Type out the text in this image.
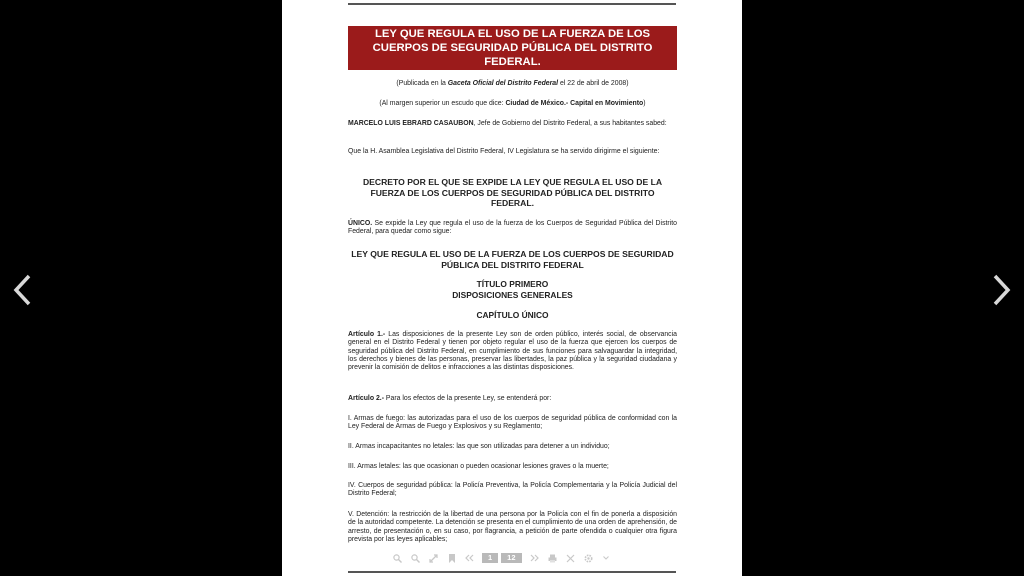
LEY QUE REGULA EL USO DE LA FUERZA DE LOS CUERPOS DE SEGURIDAD PÚBLICA DEL DISTRITO FEDERAL.
(Publicada en la Gaceta Oficial del Distrito Federal el 22 de abril de 2008)
(Al margen superior un escudo que dice: Ciudad de México.- Capital en Movimiento)
MARCELO LUIS EBRARD CASAUBON, Jefe de Gobierno del Distrito Federal, a sus habitantes sabed:
Que la H. Asamblea Legislativa del Distrito Federal, IV Legislatura se ha servido dirigirme el siguiente:
DECRETO POR EL QUE SE EXPIDE LA LEY QUE REGULA EL USO DE LA FUERZA DE LOS CUERPOS DE SEGURIDAD PÚBLICA DEL DISTRITO FEDERAL.
ÚNICO. Se expide la Ley que regula el uso de la fuerza de los Cuerpos de Seguridad Pública del Distrito Federal, para quedar como sigue:
LEY QUE REGULA EL USO DE LA FUERZA DE LOS CUERPOS DE SEGURIDAD PÚBLICA DEL DISTRITO FEDERAL
TÍTULO PRIMERO
DISPOSICIONES GENERALES
CAPÍTULO ÚNICO
Artículo 1.- Las disposiciones de la presente Ley son de orden público, interés social, de observancia general en el Distrito Federal y tienen por objeto regular el uso de la fuerza que ejercen los cuerpos de seguridad pública del Distrito Federal, en cumplimiento de sus funciones para salvaguardar la integridad, los derechos y bienes de las personas, preservar las libertades, la paz pública y la seguridad ciudadana y prevenir la comisión de delitos e infracciones a las distintas disposiciones.
Artículo 2.- Para los efectos de la presente Ley, se entenderá por:
I. Armas de fuego: las autorizadas para el uso de los cuerpos de seguridad pública de conformidad con la Ley Federal de Armas de Fuego y Explosivos y su Reglamento;
II. Armas incapacitantes no letales: las que son utilizadas para detener a un individuo;
III. Armas letales: las que ocasionan o pueden ocasionar lesiones graves o la muerte;
IV. Cuerpos de seguridad pública: la Policía Preventiva, la Policía Complementaria y la Policía Judicial del Distrito Federal;
V. Detención: la restricción de la libertad de una persona por la Policía con el fin de ponerla a disposición de la autoridad competente. La detención se presenta en el cumplimiento de una orden de aprehensión, de arresto, de presentación o, en su caso, por flagrancia, a petición de parte ofendida o cualquier otra figura prevista por las leyes aplicables;
1	12
